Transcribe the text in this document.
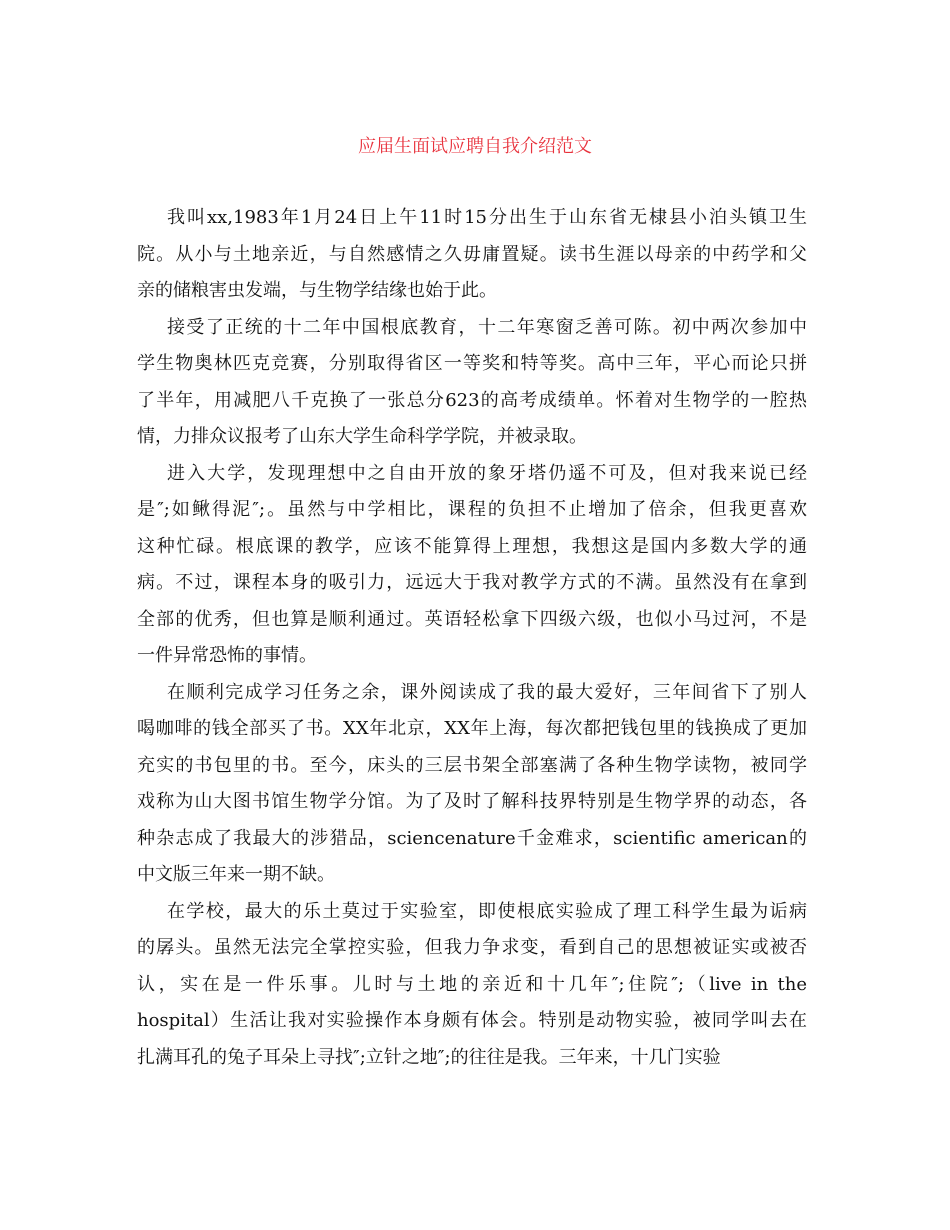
应届生面试应聘自我介绍范文
我叫xx,1983年1月24日上午11时15分出生于山东省无棣县小泊头镇卫生
院。从小与土地亲近，与自然感情之久毋庸置疑。读书生涯以母亲的中药学和父
亲的储粮害虫发端，与生物学结缘也始于此。
接受了正统的十二年中国根底教育，十二年寒窗乏善可陈。初中两次参加中
学生物奥林匹克竞赛，分别取得省区一等奖和特等奖。高中三年，平心而论只拼
了半年，用减肥八千克换了一张总分623的高考成绩单。怀着对生物学的一腔热
情，力排众议报考了山东大学生命科学学院，并被录取。
进入大学，发现理想中之自由开放的象牙塔仍遥不可及，但对我来说已经
是″;如鳅得泥″;。虽然与中学相比，课程的负担不止增加了倍余，但我更喜欢
这种忙碌。根底课的教学，应该不能算得上理想，我想这是国内多数大学的通
病。不过，课程本身的吸引力，远远大于我对教学方式的不满。虽然没有在拿到
全部的优秀，但也算是顺利通过。英语轻松拿下四级六级，也似小马过河，不是
一件异常恐怖的事情。
在顺利完成学习任务之余，课外阅读成了我的最大爱好，三年间省下了别人
喝咖啡的钱全部买了书。XX年北京，XX年上海，每次都把钱包里的钱换成了更加
充实的书包里的书。至今，床头的三层书架全部塞满了各种生物学读物，被同学
戏称为山大图书馆生物学分馆。为了及时了解科技界特别是生物学界的动态，各
种杂志成了我最大的涉猎品，sciencenature千金难求，scientific american的
中文版三年来一期不缺。
在学校，最大的乐土莫过于实验室，即使根底实验成了理工科学生最为诟病
的孱头。虽然无法完全掌控实验，但我力争求变，看到自己的思想被证实或被否
认，实在是一件乐事。儿时与土地的亲近和十几年″;住院″;（live in the
hospital）生活让我对实验操作本身颇有体会。特别是动物实验，被同学叫去在
扎满耳孔的兔子耳朵上寻找″;立针之地″;的往往是我。三年来，十几门实验
